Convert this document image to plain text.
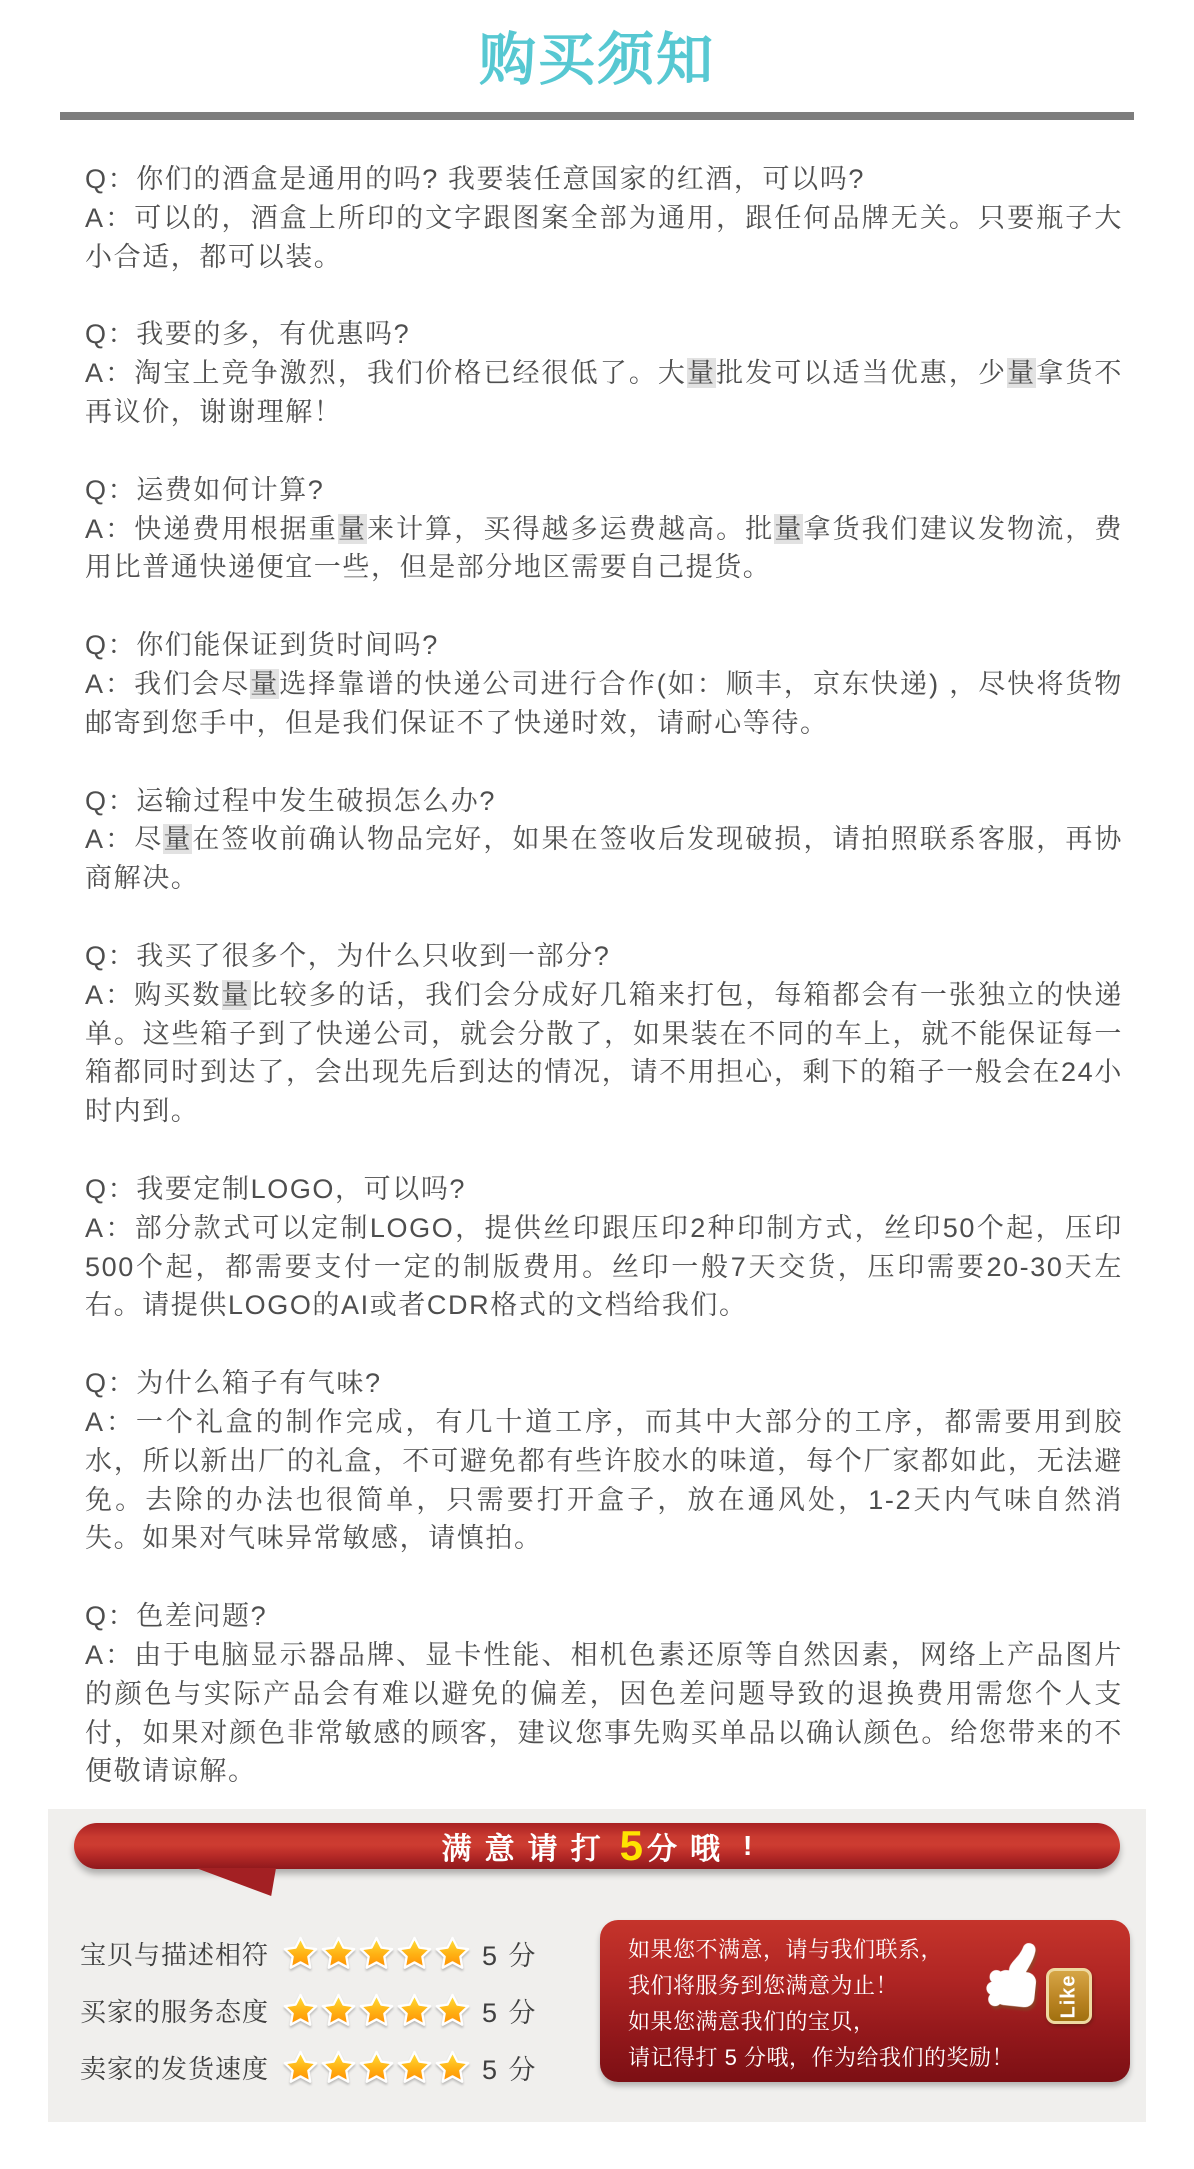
购买须知

Q：你们的酒盒是通用的吗? 我要装任意国家的红酒，可以吗?

A：可以的，酒盒上所印的文字跟图案全部为通用，跟任何品牌无关。只要瓶子大小合适，都可以装。

Q：我要的多，有优惠吗?

A：淘宝上竞争激烈，我们价格已经很低了。大量批发可以适当优惠，少量拿货不再议价，谢谢理解！

Q：运费如何计算?

A：快递费用根据重量来计算，买得越多运费越高。批量拿货我们建议发物流，费用比普通快递便宜一些，但是部分地区需要自己提货。

Q：你们能保证到货时间吗?

A：我们会尽量选择靠谱的快递公司进行合作(如：顺丰，京东快递) ，尽快将货物邮寄到您手中，但是我们保证不了快递时效，请耐心等待。

Q：运输过程中发生破损怎么办?

A：尽量在签收前确认物品完好，如果在签收后发现破损，请拍照联系客服，再协商解决。

Q：我买了很多个，为什么只收到一部分?

A：购买数量比较多的话，我们会分成好几箱来打包，每箱都会有一张独立的快递单。这些箱子到了快递公司，就会分散了，如果装在不同的车上，就不能保证每一箱都同时到达了，会出现先后到达的情况，请不用担心，剩下的箱子一般会在24小时内到。

Q：我要定制LOGO，可以吗?

A：部分款式可以定制LOGO，提供丝印跟压印2种印制方式，丝印50个起，压印500个起，都需要支付一定的制版费用。丝印一般7天交货，压印需要20-30天左右。请提供LOGO的AI或者CDR格式的文档给我们。

Q：为什么箱子有气味?

A：一个礼盒的制作完成，有几十道工序，而其中大部分的工序，都需要用到胶水，所以新出厂的礼盒，不可避免都有些许胶水的味道，每个厂家都如此，无法避免。去除的办法也很简单，只需要打开盒子，放在通风处，1-2天内气味自然消失。如果对气味异常敏感，请慎拍。

Q：色差问题?

A：由于电脑显示器品牌、显卡性能、相机色素还原等自然因素，网络上产品图片的颜色与实际产品会有难以避免的偏差，因色差问题导致的退换费用需您个人支付，如果对颜色非常敏感的顾客，建议您事先购买单品以确认颜色。给您带来的不便敬请谅解。

满意请打 5 分哦 !
宝贝与描述相符	5 分
买家的服务态度	5 分
卖家的发货速度	5 分
如果您不满意，请与我们联系，
我们将服务到您满意为止！
如果您满意我们的宝贝，
请记得打 5 分哦，作为给我们的奖励！
Like
